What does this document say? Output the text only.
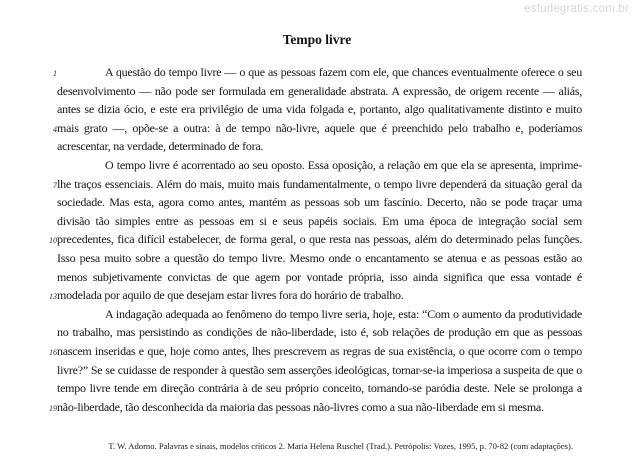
estudegratis.com.br
Tempo livre

A questão do tempo livre — o que as pessoas fazem com ele, que chances eventualmente oferece o seu desenvolvimento — não pode ser formulada em generalidade abstrata. A expressão, de origem recente — aliás, antes se dizia ócio, e este era privilégio de uma vida folgada e, portanto, algo qualitativamente distinto e muito mais grato —, opõe-se a outra: à de tempo não-livre, aquele que é preenchido pelo trabalho e, poderíamos acrescentar, na verdade, determinado de fora.

O tempo livre é acorrentado ao seu oposto. Essa oposição, a relação em que ela se apresenta, imprime-lhe traços essenciais. Além do mais, muito mais fundamentalmente, o tempo livre dependerá da situação geral da sociedade. Mas esta, agora como antes, mantém as pessoas sob um fascínio. Decerto, não se pode traçar uma divisão tão simples entre as pessoas em si e seus papéis sociais. Em uma época de integração social sem precedentes, fica difícil estabelecer, de forma geral, o que resta nas pessoas, além do determinado pelas funções. Isso pesa muito sobre a questão do tempo livre. Mesmo onde o encantamento se atenua e as pessoas estão ao menos subjetivamente convictas de que agem por vontade própria, isso ainda significa que essa vontade é modelada por aquilo de que desejam estar livres fora do horário de trabalho.

A indagação adequada ao fenômeno do tempo livre seria, hoje, esta: “Com o aumento da produtividade no trabalho, mas persistindo as condições de não-liberdade, isto é, sob relações de produção em que as pessoas nascem inseridas e que, hoje como antes, lhes prescrevem as regras de sua existência, o que ocorre com o tempo livre?” Se se cuidasse de responder à questão sem asserções ideológicas, tornar-se-ia imperiosa a suspeita de que o tempo livre tende em direção contrária à de seu próprio conceito, tornando-se paródia deste. Nele se prolonga a não-liberdade, tão desconhecida da maioria das pessoas não-livres como a sua não-liberdade em si mesma.

1
4
7
10
13
16
19
T. W. Adorno. Palavras e sinais, modelos críticos 2. Maria Helena Ruschel (Trad.). Petrópolis: Vozes, 1995, p. 70-82 (com adaptações).
